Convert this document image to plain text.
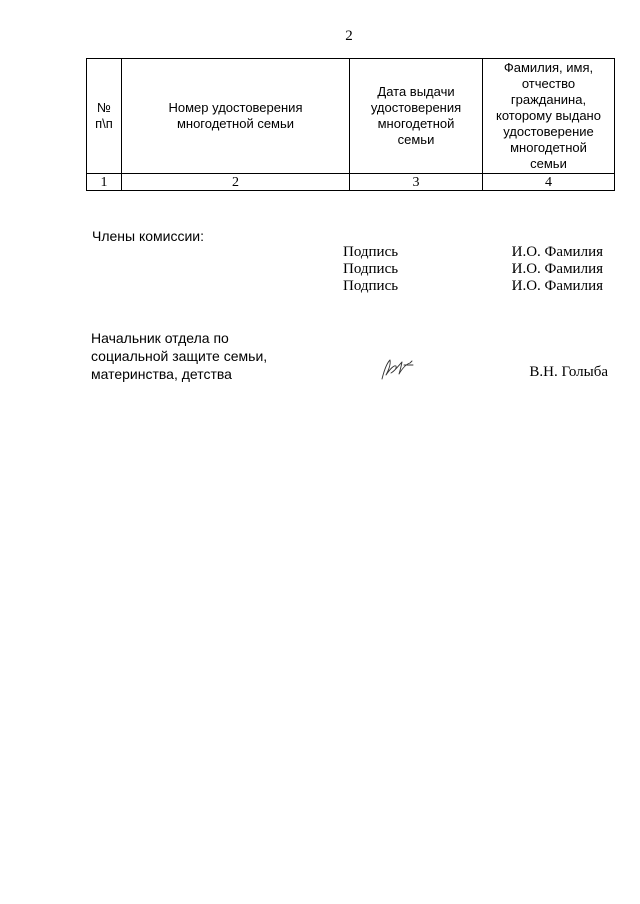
2
№ п\п	Номер удостоверения многодетной семьи	Дата выдачи удостоверения многодетной семьи	Фамилия, имя, отчество гражданина, которому выдано удостоверение многодетной семьи
1	2	3	4
Члены комиссии:
Подпись	И.О. Фамилия
Подпись	И.О. Фамилия
Подпись	И.О. Фамилия
Начальник отдела по
социальной защите семьи,
материнства, детства	В.Н. Голыба
